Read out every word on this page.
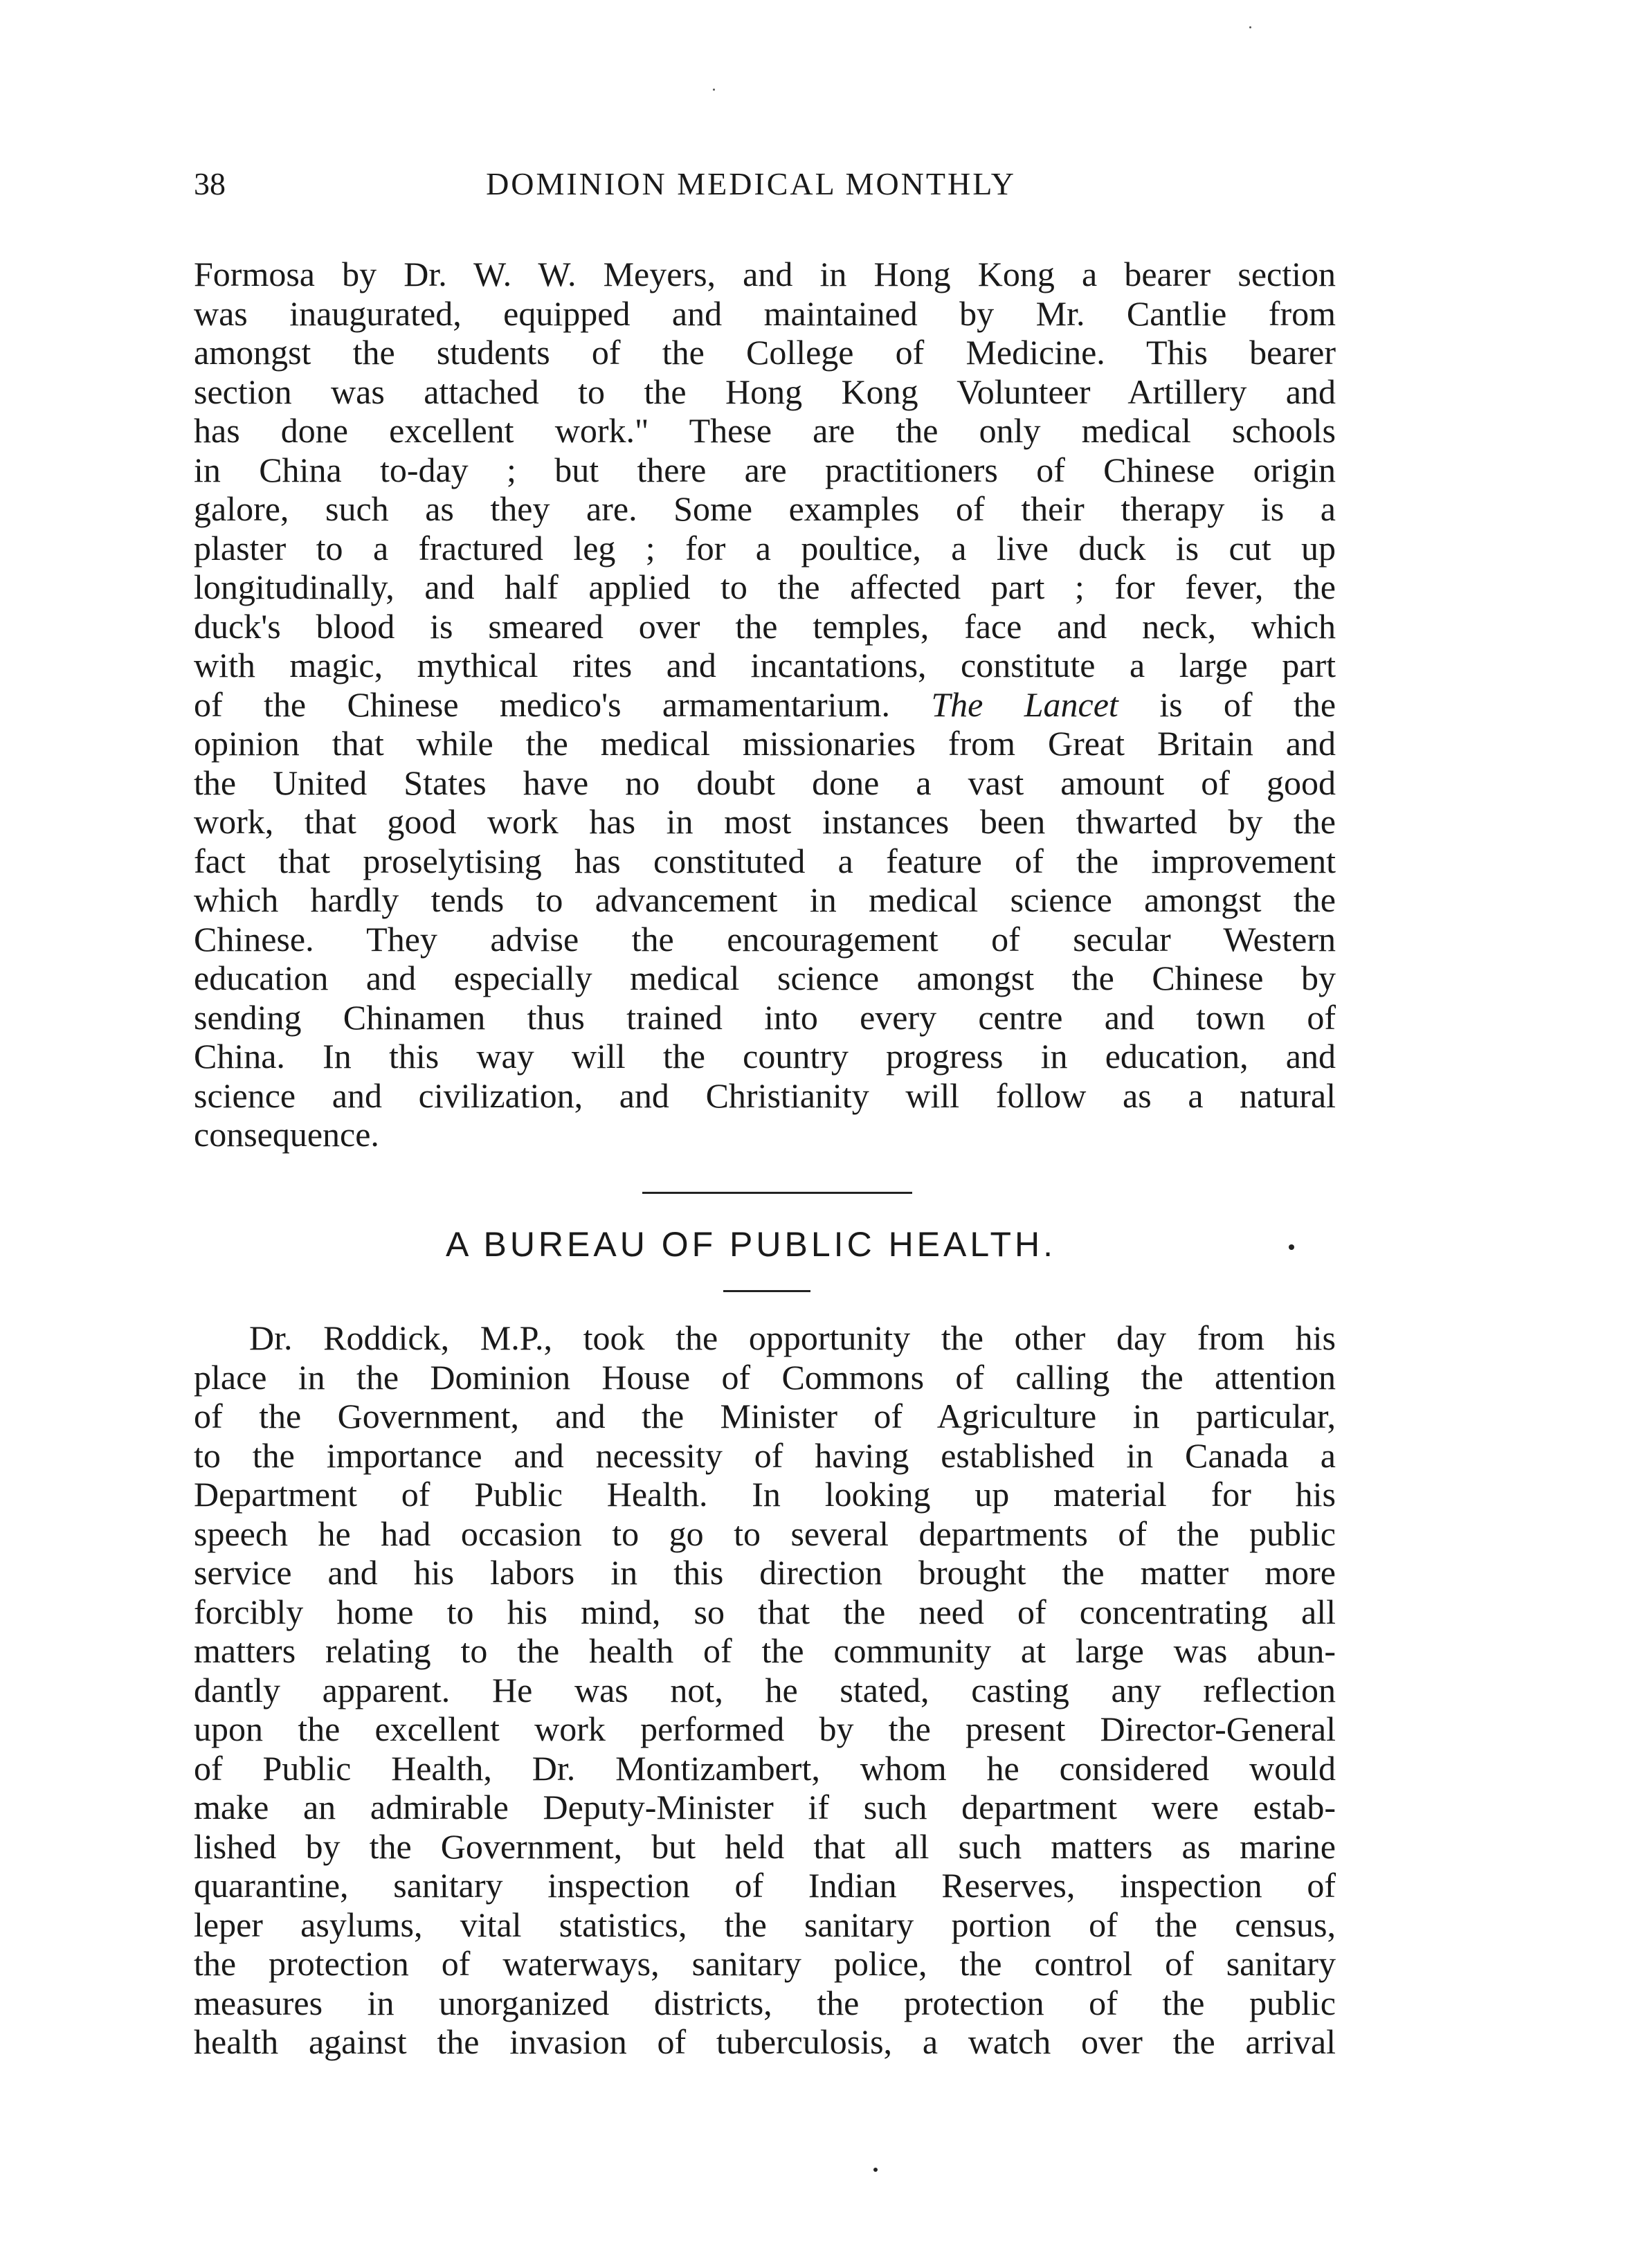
38	DOMINION MEDICAL MONTHLY
Formosa by Dr. W. W. Meyers, and in Hong Kong a bearer section
was inaugurated, equipped and maintained by Mr. Cantlie from
amongst the students of the College of Medicine. This bearer
section was attached to the Hong Kong Volunteer Artillery and
has done excellent work." These are the only medical schools
in China to-day ; but there are practitioners of Chinese origin
galore, such as they are. Some examples of their therapy is a
plaster to a fractured leg ; for a poultice, a live duck is cut up
longitudinally, and half applied to the affected part ; for fever, the
duck's blood is smeared over the temples, face and neck, which
with magic, mythical rites and incantations, constitute a large part
of the Chinese medico's armamentarium. The Lancet is of the
opinion that while the medical missionaries from Great Britain and
the United States have no doubt done a vast amount of good
work, that good work has in most instances been thwarted by the
fact that proselytising has constituted a feature of the improvement
which hardly tends to advancement in medical science amongst the
Chinese. They advise the encouragement of secular Western
education and especially medical science amongst the Chinese by
sending Chinamen thus trained into every centre and town of
China. In this way will the country progress in education, and
science and civilization, and Christianity will follow as a natural
consequence.
A BUREAU OF PUBLIC HEALTH.
Dr. Roddick, M.P., took the opportunity the other day from his
place in the Dominion House of Commons of calling the attention
of the Government, and the Minister of Agriculture in particular,
to the importance and necessity of having established in Canada a
Department of Public Health. In looking up material for his
speech he had occasion to go to several departments of the public
service and his labors in this direction brought the matter more
forcibly home to his mind, so that the need of concentrating all
matters relating to the health of the community at large was abun-
dantly apparent. He was not, he stated, casting any reflection
upon the excellent work performed by the present Director-General
of Public Health, Dr. Montizambert, whom he considered would
make an admirable Deputy-Minister if such department were estab-
lished by the Government, but held that all such matters as marine
quarantine, sanitary inspection of Indian Reserves, inspection of
leper asylums, vital statistics, the sanitary portion of the census,
the protection of waterways, sanitary police, the control of sanitary
measures in unorganized districts, the protection of the public
health against the invasion of tuberculosis, a watch over the arrival
